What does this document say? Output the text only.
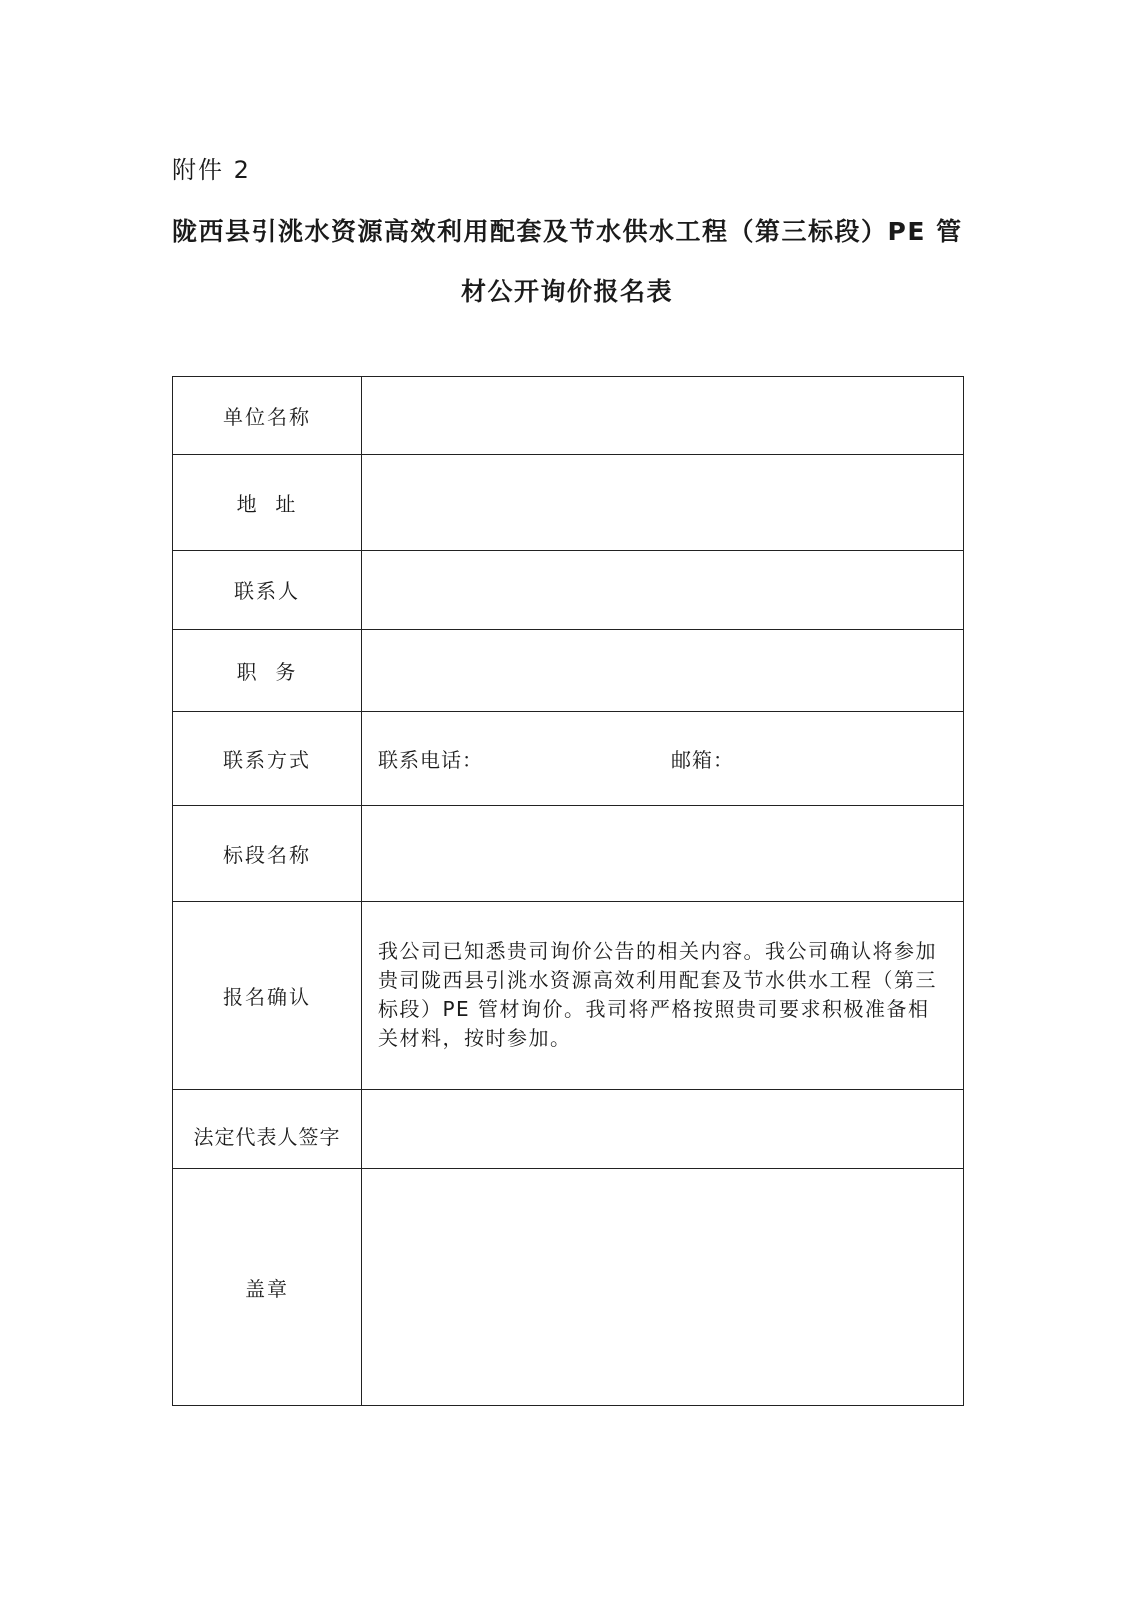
附件 2
陇西县引洮水资源高效利用配套及节水供水工程（第三标段）PE 管
材公开询价报名表
单位名称	
地  址	
联系人	
职  务	
联系方式	联系电话： 邮箱：

标段名称	
报名确认	我公司已知悉贵司询价公告的相关内容。我公司确认将参加贵司陇西县引洮水资源高效利用配套及节水供水工程（第三标段）PE 管材询价。我司将严格按照贵司要求积极准备相关材料，按时参加。
法定代表人签字	
盖章	
